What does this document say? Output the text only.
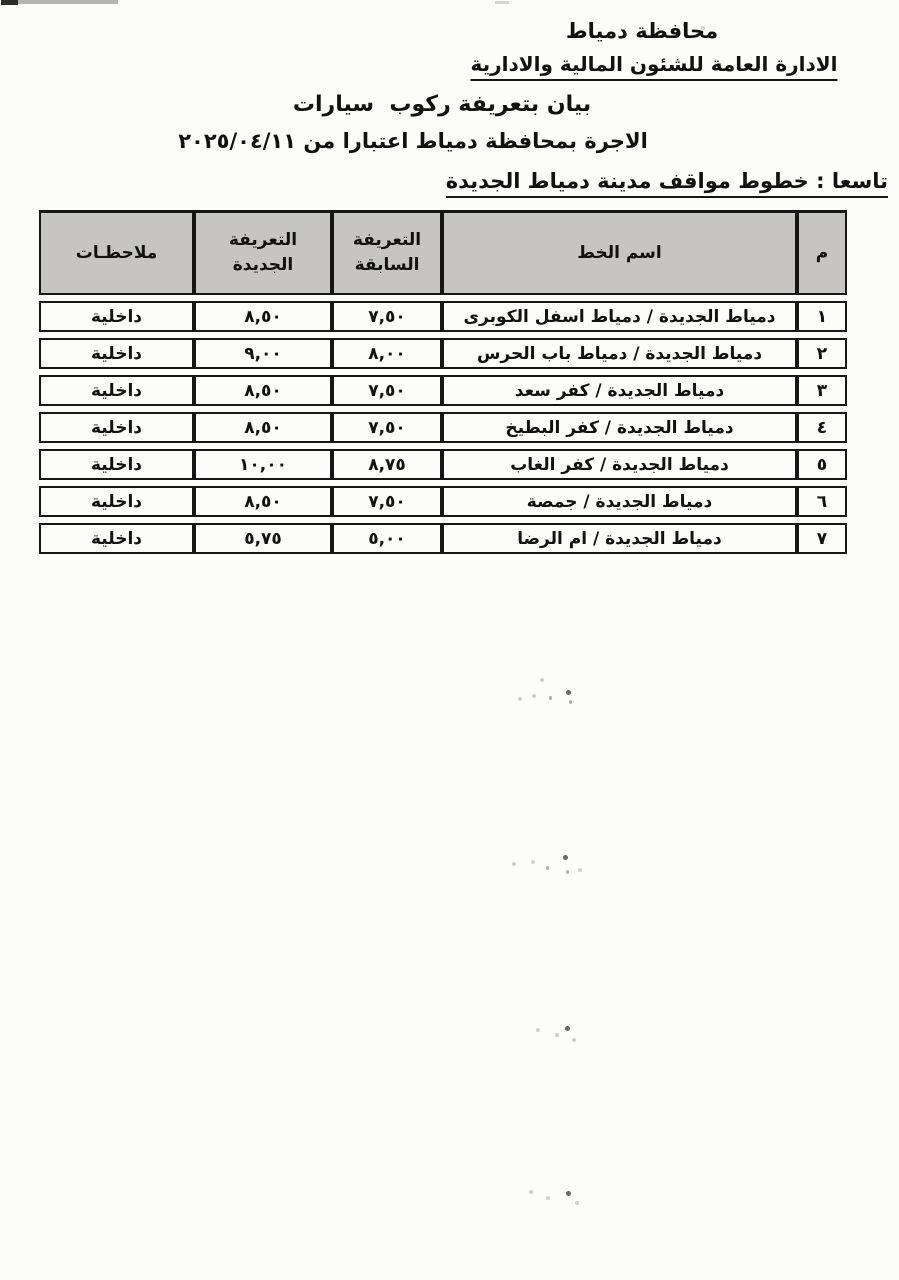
محافظة دمياط
الادارة العامة للشئون المالية والادارية
بيان بتعريفة ركوب  سيارات
الاجرة بمحافظة دمياط اعتبارا من ٢٠٢٥/٠٤/١١
تاسعا : خطوط مواقف مدينة دمياط الجديدة
م	اسم الخط	التعريفة السابقة	التعريفة الجديدة	ملاحظـات
١	دمياط الجديدة / دمياط اسفل الكوبرى	٧,٥٠	٨,٥٠	داخلية
٢	دمياط الجديدة / دمياط باب الحرس	٨,٠٠	٩,٠٠	داخلية
٣	دمياط الجديدة / كفر سعد	٧,٥٠	٨,٥٠	داخلية
٤	دمياط الجديدة / كفر البطيخ	٧,٥٠	٨,٥٠	داخلية
٥	دمياط الجديدة / كفر الغاب	٨,٧٥	١٠,٠٠	داخلية
٦	دمياط الجديدة / جمصة	٧,٥٠	٨,٥٠	داخلية
٧	دمياط الجديدة / ام الرضا	٥,٠٠	٥,٧٥	داخلية
